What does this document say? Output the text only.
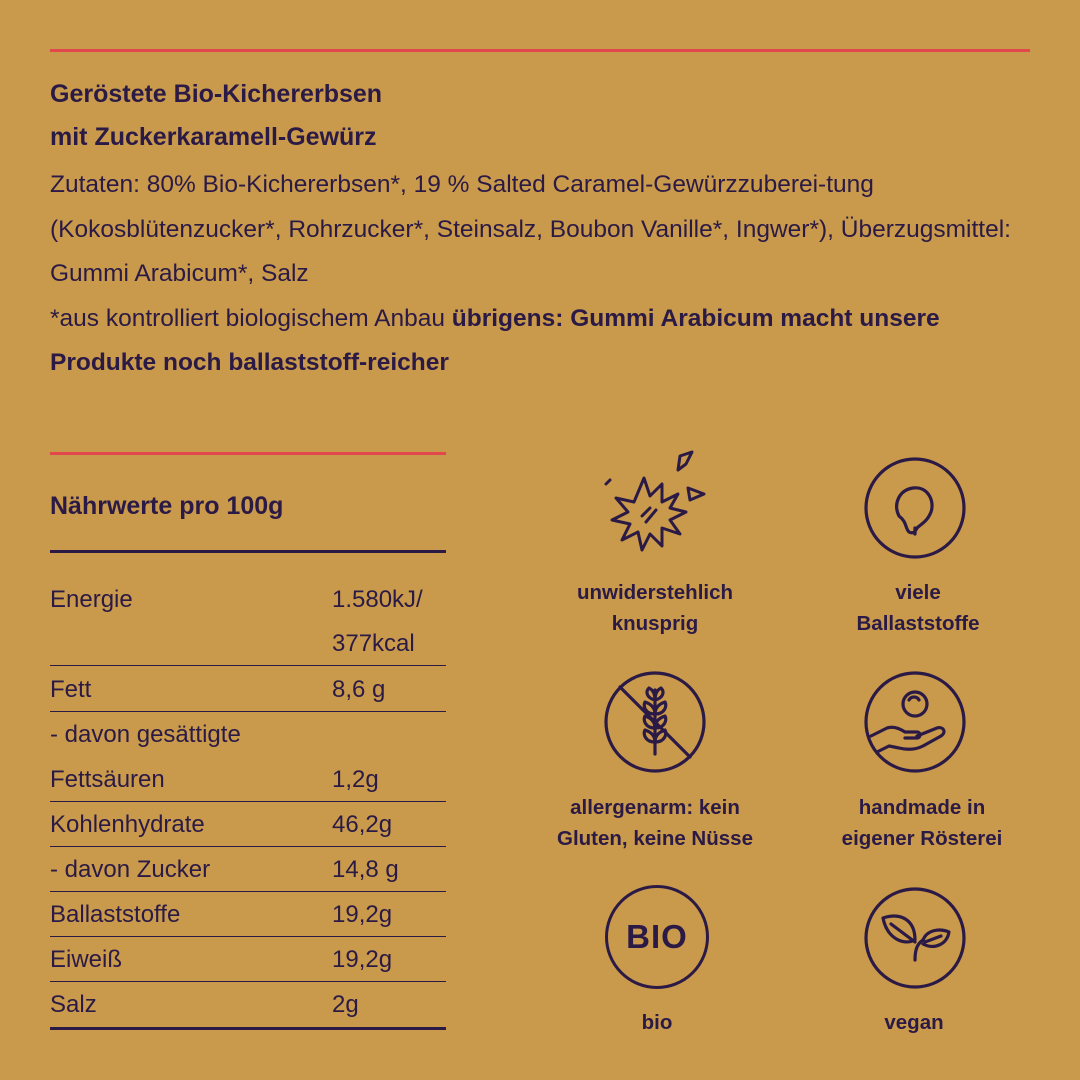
Geröstete Bio-Kichererbsen
mit Zuckerkaramell-Gewürz
Zutaten: 80% Bio-Kichererbsen*, 19 % Salted Caramel-Gewürzzuberei-tung (Kokosblütenzucker*, Rohrzucker*, Steinsalz, Boubon Vanille*, Ingwer*), Überzugsmittel: Gummi Arabicum*, Salz
*aus kontrolliert biologischem Anbau übrigens: Gummi Arabicum macht unsere Produkte noch ballaststoff-reicher
Nährwerte pro 100g
Energie	1.580kJ/
377kcal
Fett	8,6 g
- davon gesättigte
Fettsäuren	1,2g
Kohlenhydrate	46,2g
- davon Zucker	14,8 g
Ballaststoffe	19,2g
Eiweiß	19,2g
Salz	2g
unwiderstehlich
knusprig
viele
Ballaststoffe
allergenarm: kein
Gluten, keine Nüsse
handmade in
eigener Rösterei
BIO
bio	vegan
